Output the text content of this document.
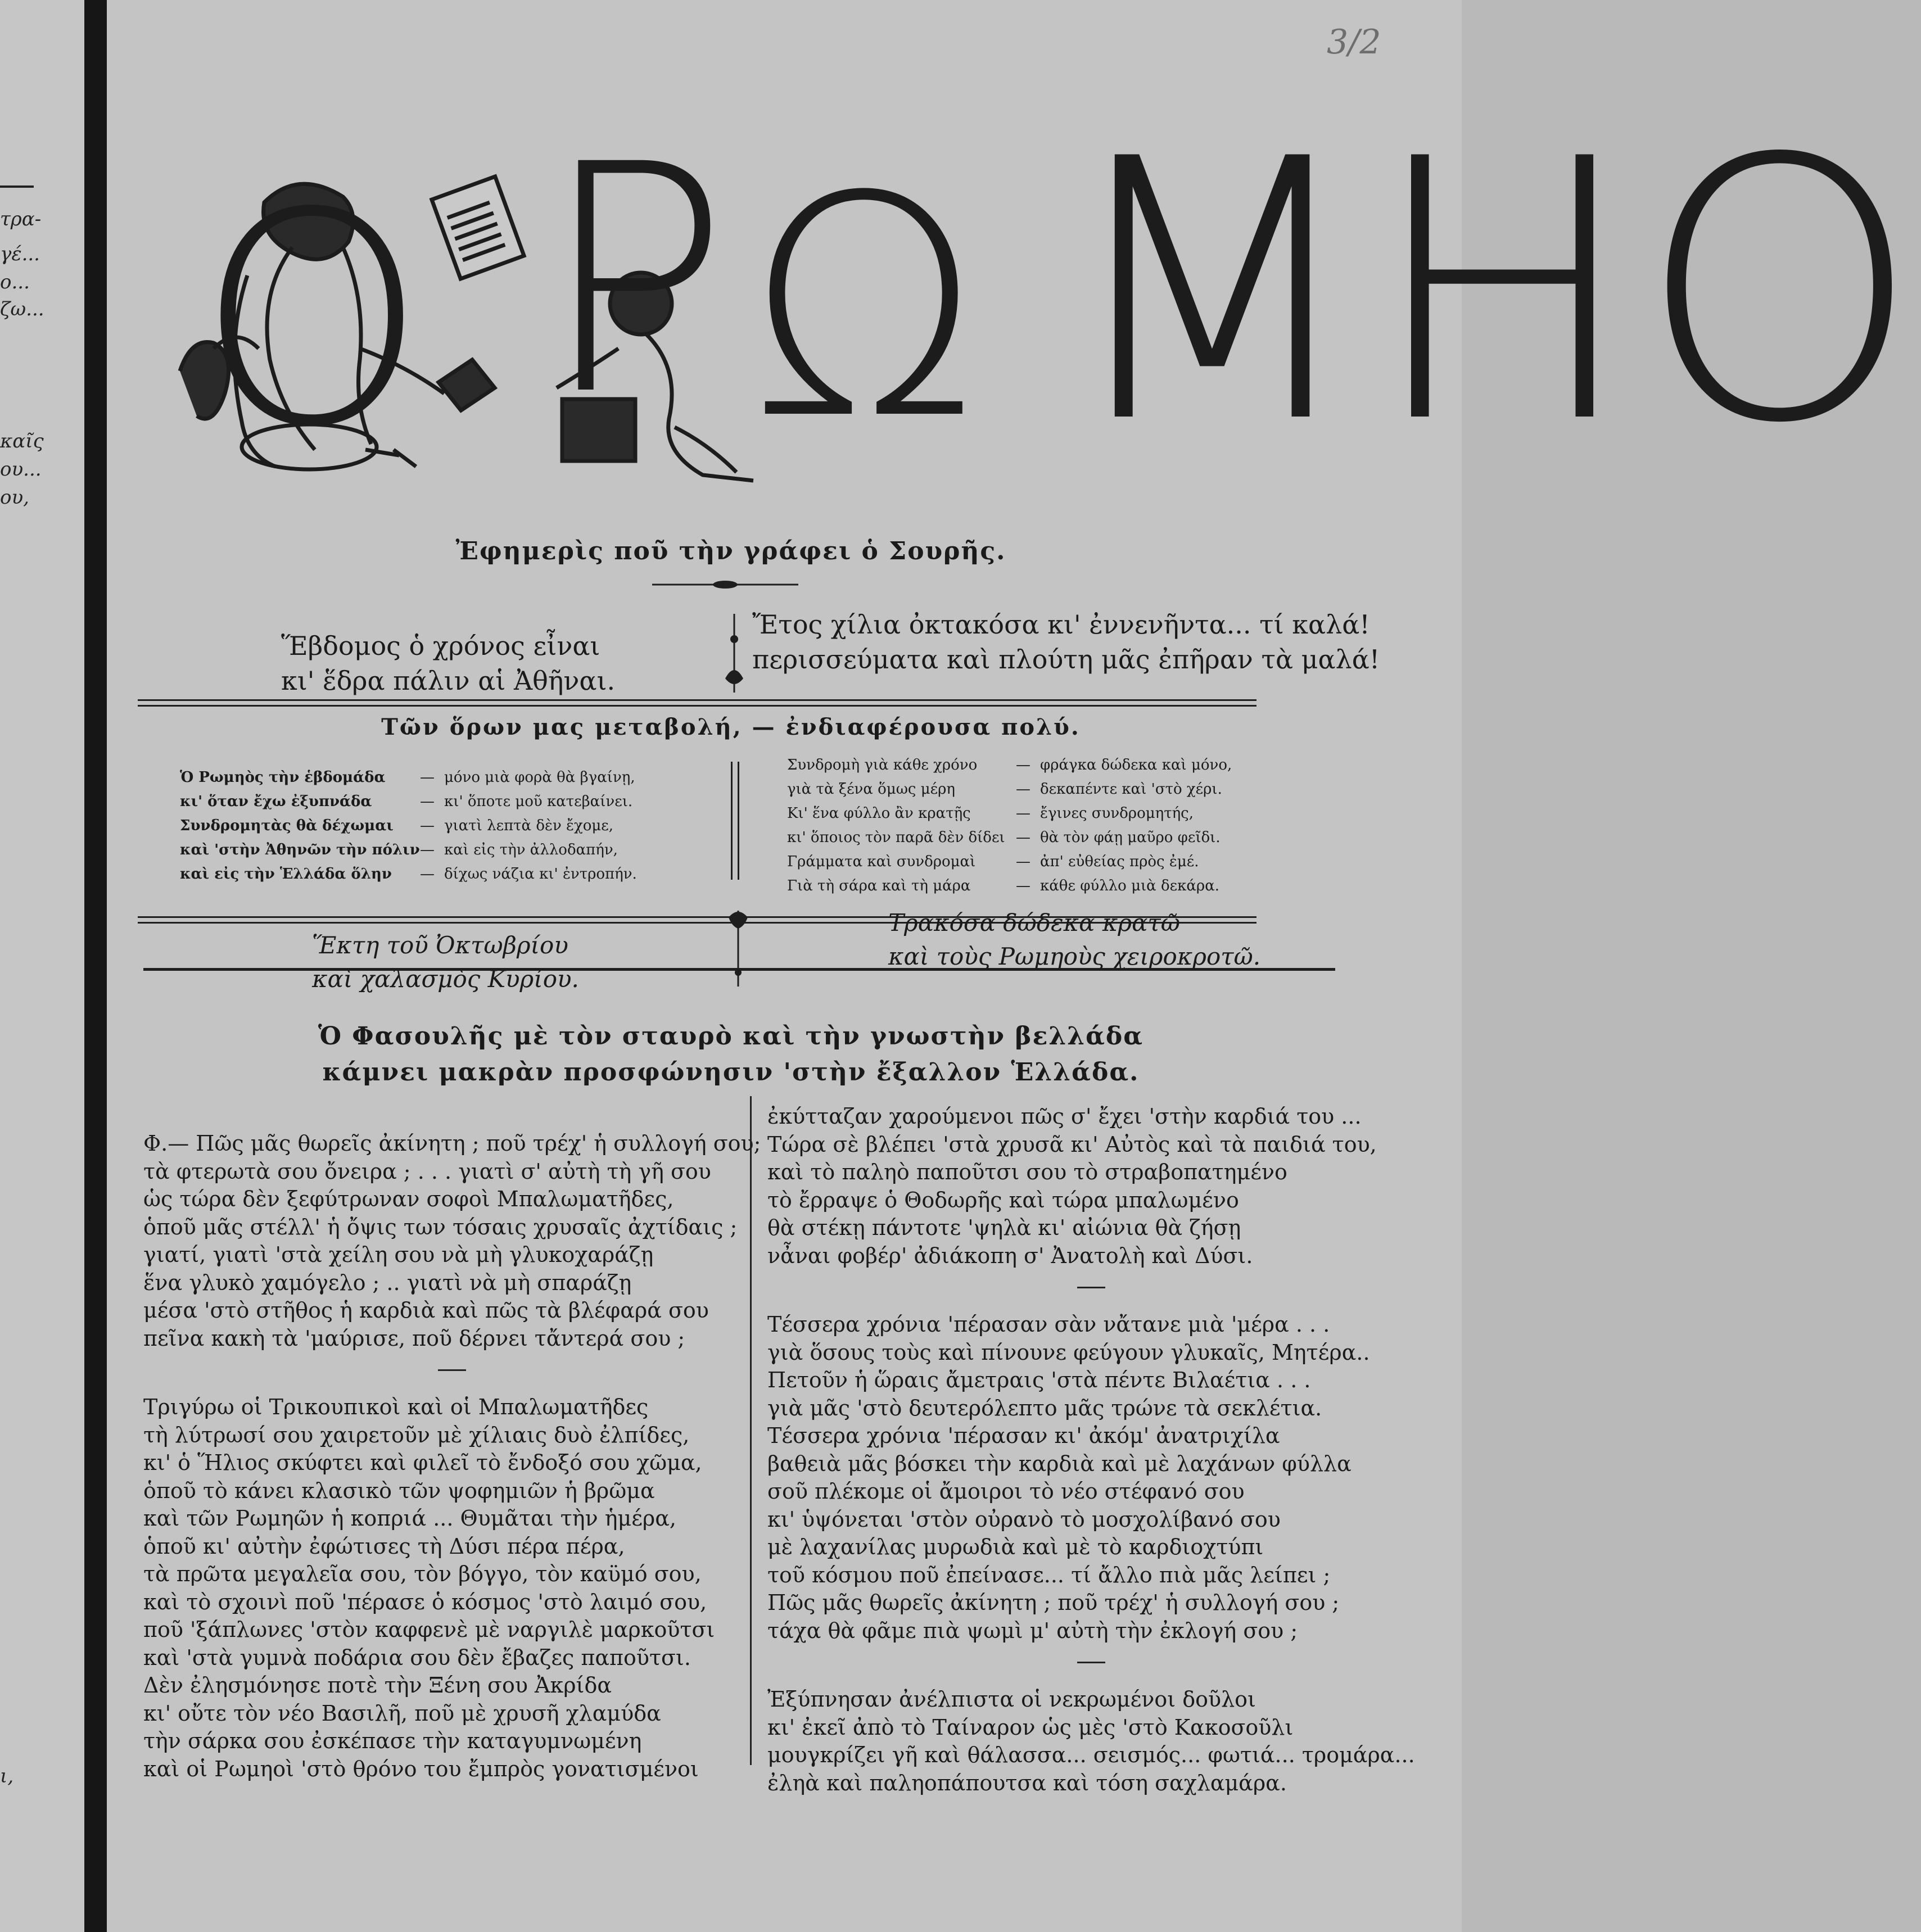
τρα-
γέ...
ο...
ζω...
καῖς
ου...
ου,
ι,
3/2
Ο Ρ Ω ΜΗΟ
Ἐφημερὶς ποῦ τὴν γράφει ὁ Σουρῆς.
Ἕβδομος ὁ χρόνος εἶναι
κι' ἕδρα πάλιν αἱ Ἀθῆναι.
Ἔτος χίλια ὀκτακόσα κι' ἐννενῆντα... τί καλά!
περισσεύματα καὶ πλούτη μᾶς ἐπῆραν τὰ μαλά!
Τῶν ὅρων μας μεταβολή, — ἐνδιαφέρουσα πολύ.
Ὁ Ρωμηὸς τὴν ἑβδομάδα	— μόνο μιὰ φορὰ θὰ βγαίνῃ,
κι' ὅταν ἔχω ἐξυπνάδα	— κι' ὅποτε μοῦ κατεβαίνει.
Συνδρομητὰς θὰ δέχωμαι	— γιατὶ λεπτὰ δὲν ἔχομε,
καὶ 'στὴν Ἀθηνῶν τὴν πόλιν — καὶ εἰς τὴν ἀλλοδαπήν,
καὶ εἰς τὴν Ἑλλάδα ὅλην	— δίχως νάζια κι' ἐντροπήν.
Συνδρομὴ γιὰ κάθε χρόνο	— φράγκα δώδεκα καὶ μόνο,
γιὰ τὰ ξένα ὅμως μέρη	— δεκαπέντε καὶ 'στὸ χέρι.
Κι' ἕνα φύλλο ἂν κρατῇς	— ἔγινες συνδρομητής,
κι' ὅποιος τὸν παρᾶ δὲν δίδει — θὰ τὸν φάῃ μαῦρο φεῖδι.
Γράμματα καὶ συνδρομαὶ	— ἀπ' εὐθείας πρὸς ἐμέ.
Γιὰ τὴ σάρα καὶ τὴ μάρα	— κάθε φύλλο μιὰ δεκάρα.
Ἕκτη τοῦ Ὀκτωβρίου
καὶ χαλασμὸς Κυρίου.
Τρακόσα δώδεκα κρατῶ
καὶ τοὺς Ρωμηοὺς χειροκροτῶ.
Ὁ Φασουλῆς μὲ τὸν σταυρὸ καὶ τὴν γνωστὴν βελλάδα
κάμνει μακρὰν προσφώνησιν 'στὴν ἔξαλλον Ἑλλάδα.

Φ.— Πῶς μᾶς θωρεῖς ἀκίνητη ; ποῦ τρέχ' ἡ συλλογή σου;

τὰ φτερωτὰ σου ὄνειρα ; . . . γιατὶ σ' αὐτὴ τὴ γῆ σου

ὡς τώρα δὲν ξεφύτρωναν σοφοὶ Μπαλωματῆδες,

ὁποῦ μᾶς στέλλ' ἡ ὄψις των τόσαις χρυσαῖς ἀχτίδαις ;

γιατί, γιατὶ 'στὰ χείλη σου νὰ μὴ γλυκοχαράζῃ

ἕνα γλυκὸ χαμόγελο ; .. γιατὶ νὰ μὴ σπαράζῃ

μέσα 'στὸ στῆθος ἡ καρδιὰ καὶ πῶς τὰ βλέφαρά σου

πεῖνα κακὴ τὰ 'μαύρισε, ποῦ δέρνει τἄντερά σου ;

Τριγύρω οἱ Τρικουπικοὶ καὶ οἱ Μπαλωματῆδες

τὴ λύτρωσί σου χαιρετοῦν μὲ χίλιαις δυὸ ἐλπίδες,

κι' ὁ Ἥλιος σκύφτει καὶ φιλεῖ τὸ ἔνδοξό σου χῶμα,

ὁποῦ τὸ κάνει κλασικὸ τῶν ψοφημιῶν ἡ βρῶμα

καὶ τῶν Ρωμηῶν ἡ κοπριά ... Θυμᾶται τὴν ἡμέρα,

ὁποῦ κι' αὐτὴν ἐφώτισες τὴ Δύσι πέρα πέρα,

τὰ πρῶτα μεγαλεῖα σου, τὸν βόγγο, τὸν καϋμό σου,

καὶ τὸ σχοινὶ ποῦ 'πέρασε ὁ κόσμος 'στὸ λαιμό σου,

ποῦ 'ξάπλωνες 'στὸν καφφενὲ μὲ ναργιλὲ μαρκοῦτσι

καὶ 'στὰ γυμνὰ ποδάρια σου δὲν ἔβαζες παποῦτσι.

Δὲν ἐλησμόνησε ποτὲ τὴν Ξένη σου Ἀκρίδα

κι' οὔτε τὸν νέο Βασιλῆ, ποῦ μὲ χρυσῆ χλαμύδα

τὴν σάρκα σου ἐσκέπασε τὴν καταγυμνωμένη

καὶ οἱ Ρωμηοὶ 'στὸ θρόνο του ἔμπρὸς γονατισμένοι

ἐκύτταζαν χαρούμενοι πῶς σ' ἔχει 'στὴν καρδιά του ...

Τώρα σὲ βλέπει 'στὰ χρυσᾶ κι' Αὐτὸς καὶ τὰ παιδιά του,

καὶ τὸ παληὸ παποῦτσι σου τὸ στραβοπατημένο

τὸ ἔρραψε ὁ Θοδωρῆς καὶ τώρα μπαλωμένο

θὰ στέκῃ πάντοτε 'ψηλὰ κι' αἰώνια θὰ ζήσῃ

νἆναι φοβέρ' ἀδιάκοπη σ' Ἀνατολὴ καὶ Δύσι.

Τέσσερα χρόνια 'πέρασαν σὰν νἄτανε μιὰ 'μέρα . . .

γιὰ ὅσους τοὺς καὶ πίνουνε φεύγουν γλυκαῖς, Μητέρα..

Πετοῦν ἡ ὥραις ἄμετραις 'στὰ πέντε Βιλαέτια . . .

γιὰ μᾶς 'στὸ δευτερόλεπτο μᾶς τρώνε τὰ σεκλέτια.

Τέσσερα χρόνια 'πέρασαν κι' ἀκόμ' ἀνατριχίλα

βαθειὰ μᾶς βόσκει τὴν καρδιὰ καὶ μὲ λαχάνων φύλλα

σοῦ πλέκομε οἱ ἄμοιροι τὸ νέο στέφανό σου

κι' ὑψόνεται 'στὸν οὐρανὸ τὸ μοσχολίβανό σου

μὲ λαχανίλας μυρωδιὰ καὶ μὲ τὸ καρδιοχτύπι

τοῦ κόσμου ποῦ ἐπείνασε... τί ἄλλο πιὰ μᾶς λείπει ;

Πῶς μᾶς θωρεῖς ἀκίνητη ; ποῦ τρέχ' ἡ συλλογή σου ;

τάχα θὰ φᾶμε πιὰ ψωμὶ μ' αὐτὴ τὴν ἐκλογή σου ;

Ἐξύπνησαν ἀνέλπιστα οἱ νεκρωμένοι δοῦλοι

κι' ἐκεῖ ἀπὸ τὸ Ταίναρον ὡς μὲς 'στὸ Κακοσοῦλι

μουγκρίζει γῆ καὶ θάλασσα... σεισμός... φωτιά... τρομάρα...

ἐληὰ καὶ παληοπάπουτσα καὶ τόση σαχλαμάρα.
